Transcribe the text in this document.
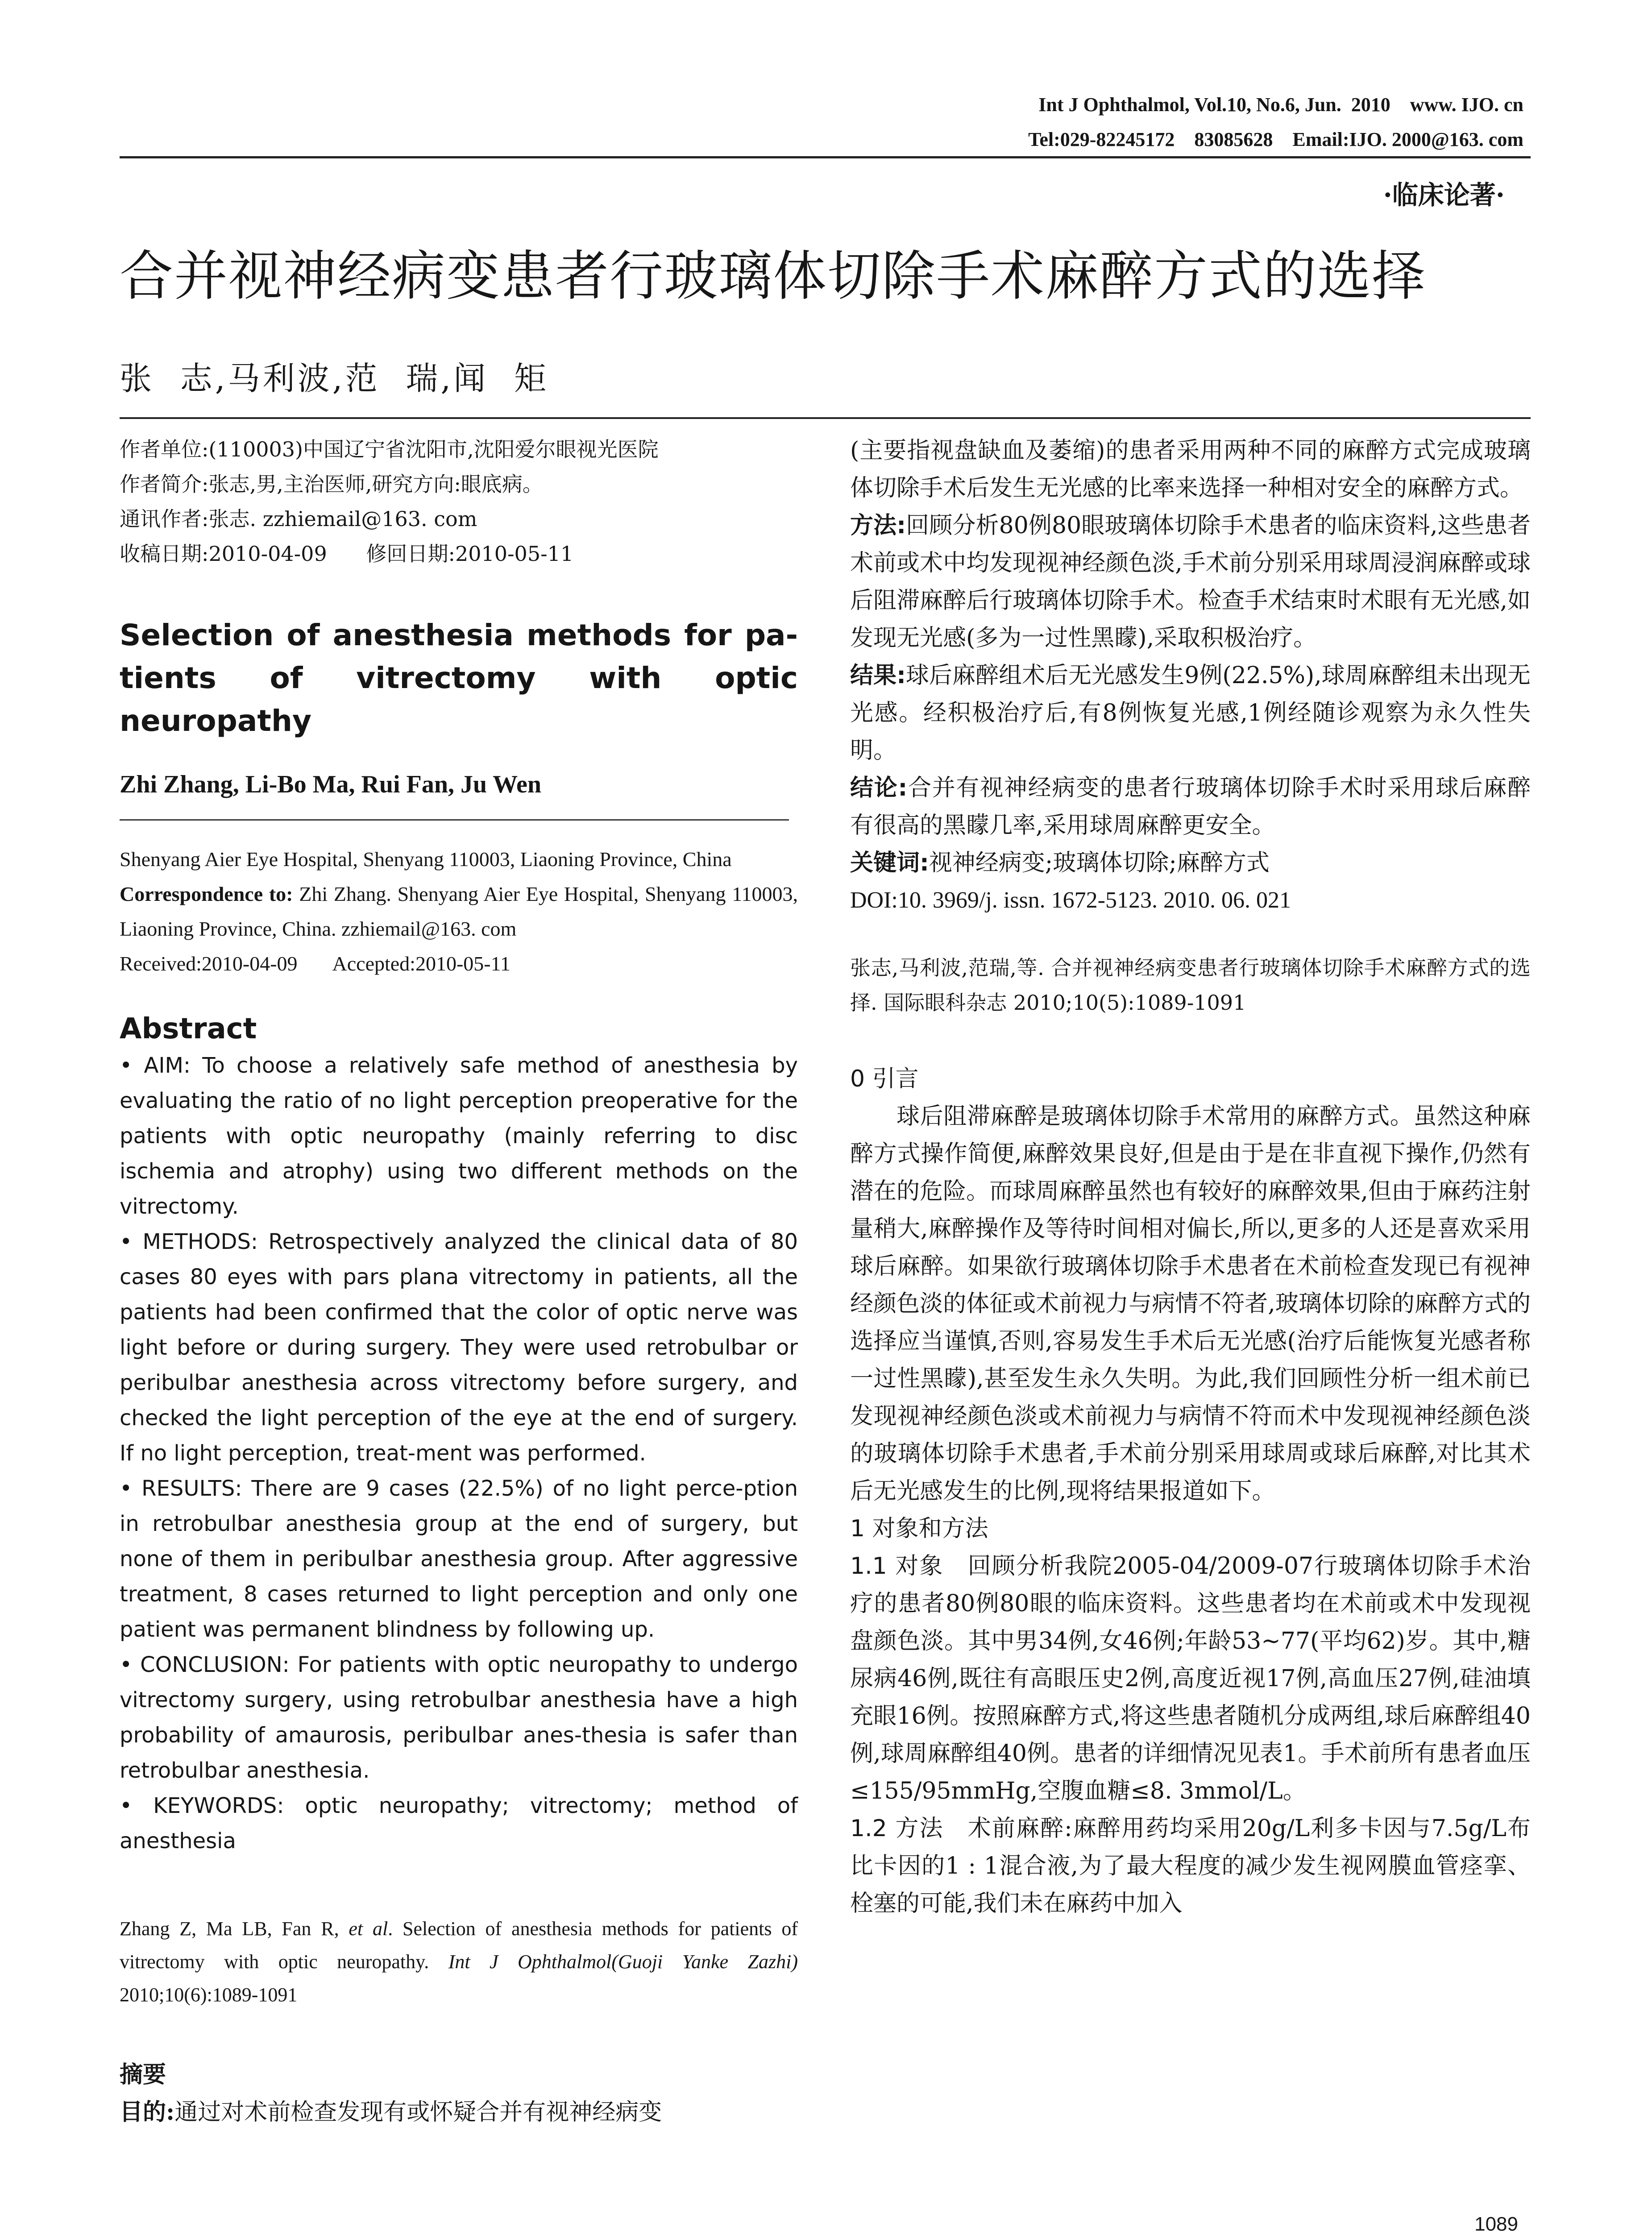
Int J Ophthalmol, Vol.10, No.6, Jun.  2010    www. IJO. cn
Tel:029-82245172    83085628    Email:IJO. 2000@163. com
·临床论著·
合并视神经病变患者行玻璃体切除手术麻醉方式的选择
张  志,马利波,范  瑞,闻  矩

作者单位:(110003)中国辽宁省沈阳市,沈阳爱尔眼视光医院

作者简介:张志,男,主治医师,研究方向:眼底病。

通讯作者:张志. zzhiemail@163. com

收稿日期:2010-04-09      修回日期:2010-05-11

Selection of anesthesia methods for pa-tients of vitrectomy with optic neuropathy
Zhi Zhang, Li-Bo Ma, Rui Fan, Ju Wen

Shenyang Aier Eye Hospital, Shenyang 110003, Liaoning Province, China

Correspondence to: Zhi Zhang. Shenyang Aier Eye Hospital, Shenyang 110003, Liaoning Province, China. zzhiemail@163. com

Received:2010-04-09       Accepted:2010-05-11

Abstract

• AIM: To choose a relatively safe method of anesthesia by evaluating the ratio of no light perception preoperative for the patients with optic neuropathy (mainly referring to disc ischemia and atrophy) using two different methods on the vitrectomy.

• METHODS: Retrospectively analyzed the clinical data of 80 cases 80 eyes with pars plana vitrectomy in patients, all the patients had been confirmed that the color of optic nerve was light before or during surgery. They were used retrobulbar or peribulbar anesthesia across vitrectomy before surgery, and checked the light perception of the eye at the end of surgery. If no light perception, treat-ment was performed.

• RESULTS: There are 9 cases (22.5%) of no light perce-ption in retrobulbar anesthesia group at the end of surgery, but none of them in peribulbar anesthesia group. After aggressive treatment, 8 cases returned to light perception and only one patient was permanent blindness by following up.

• CONCLUSION: For patients with optic neuropathy to undergo vitrectomy surgery, using retrobulbar anesthesia have a high probability of amaurosis, peribulbar anes-thesia is safer than retrobulbar anesthesia.

• KEYWORDS: optic neuropathy; vitrectomy; method of anesthesia

Zhang Z, Ma LB, Fan R, et al. Selection of anesthesia methods for patients of vitrectomy with optic neuropathy. Int J Ophthalmol(Guoji Yanke Zazhi) 2010;10(6):1089-1091

摘要

目的:通过对术前检查发现有或怀疑合并有视神经病变

(主要指视盘缺血及萎缩)的患者采用两种不同的麻醉方式完成玻璃体切除手术后发生无光感的比率来选择一种相对安全的麻醉方式。

方法:回顾分析80例80眼玻璃体切除手术患者的临床资料,这些患者术前或术中均发现视神经颜色淡,手术前分别采用球周浸润麻醉或球后阻滞麻醉后行玻璃体切除手术。检查手术结束时术眼有无光感,如发现无光感(多为一过性黑矇),采取积极治疗。

结果:球后麻醉组术后无光感发生9例(22.5%),球周麻醉组未出现无光感。经积极治疗后,有8例恢复光感,1例经随诊观察为永久性失明。

结论:合并有视神经病变的患者行玻璃体切除手术时采用球后麻醉有很高的黑矇几率,采用球周麻醉更安全。

关键词:视神经病变;玻璃体切除;麻醉方式

DOI:10. 3969/j. issn. 1672-5123. 2010. 06. 021

张志,马利波,范瑞,等. 合并视神经病变患者行玻璃体切除手术麻醉方式的选择. 国际眼科杂志 2010;10(5):1089-1091

0 引言

球后阻滞麻醉是玻璃体切除手术常用的麻醉方式。虽然这种麻醉方式操作简便,麻醉效果良好,但是由于是在非直视下操作,仍然有潜在的危险。而球周麻醉虽然也有较好的麻醉效果,但由于麻药注射量稍大,麻醉操作及等待时间相对偏长,所以,更多的人还是喜欢采用球后麻醉。如果欲行玻璃体切除手术患者在术前检查发现已有视神经颜色淡的体征或术前视力与病情不符者,玻璃体切除的麻醉方式的选择应当谨慎,否则,容易发生手术后无光感(治疗后能恢复光感者称一过性黑矇),甚至发生永久失明。为此,我们回顾性分析一组术前已发现视神经颜色淡或术前视力与病情不符而术中发现视神经颜色淡的玻璃体切除手术患者,手术前分别采用球周或球后麻醉,对比其术后无光感发生的比例,现将结果报道如下。

1 对象和方法

1.1 对象  回顾分析我院2005-04/2009-07行玻璃体切除手术治疗的患者80例80眼的临床资料。这些患者均在术前或术中发现视盘颜色淡。其中男34例,女46例;年龄53~77(平均62)岁。其中,糖尿病46例,既往有高眼压史2例,高度近视17例,高血压27例,硅油填充眼16例。按照麻醉方式,将这些患者随机分成两组,球后麻醉组40例,球周麻醉组40例。患者的详细情况见表1。手术前所有患者血压≤155/95mmHg,空腹血糖≤8. 3mmol/L。

1.2 方法  术前麻醉:麻醉用药均采用20g/L利多卡因与7.5g/L布比卡因的1 : 1混合液,为了最大程度的减少发生视网膜血管痉挛、栓塞的可能,我们未在麻药中加入

1089
